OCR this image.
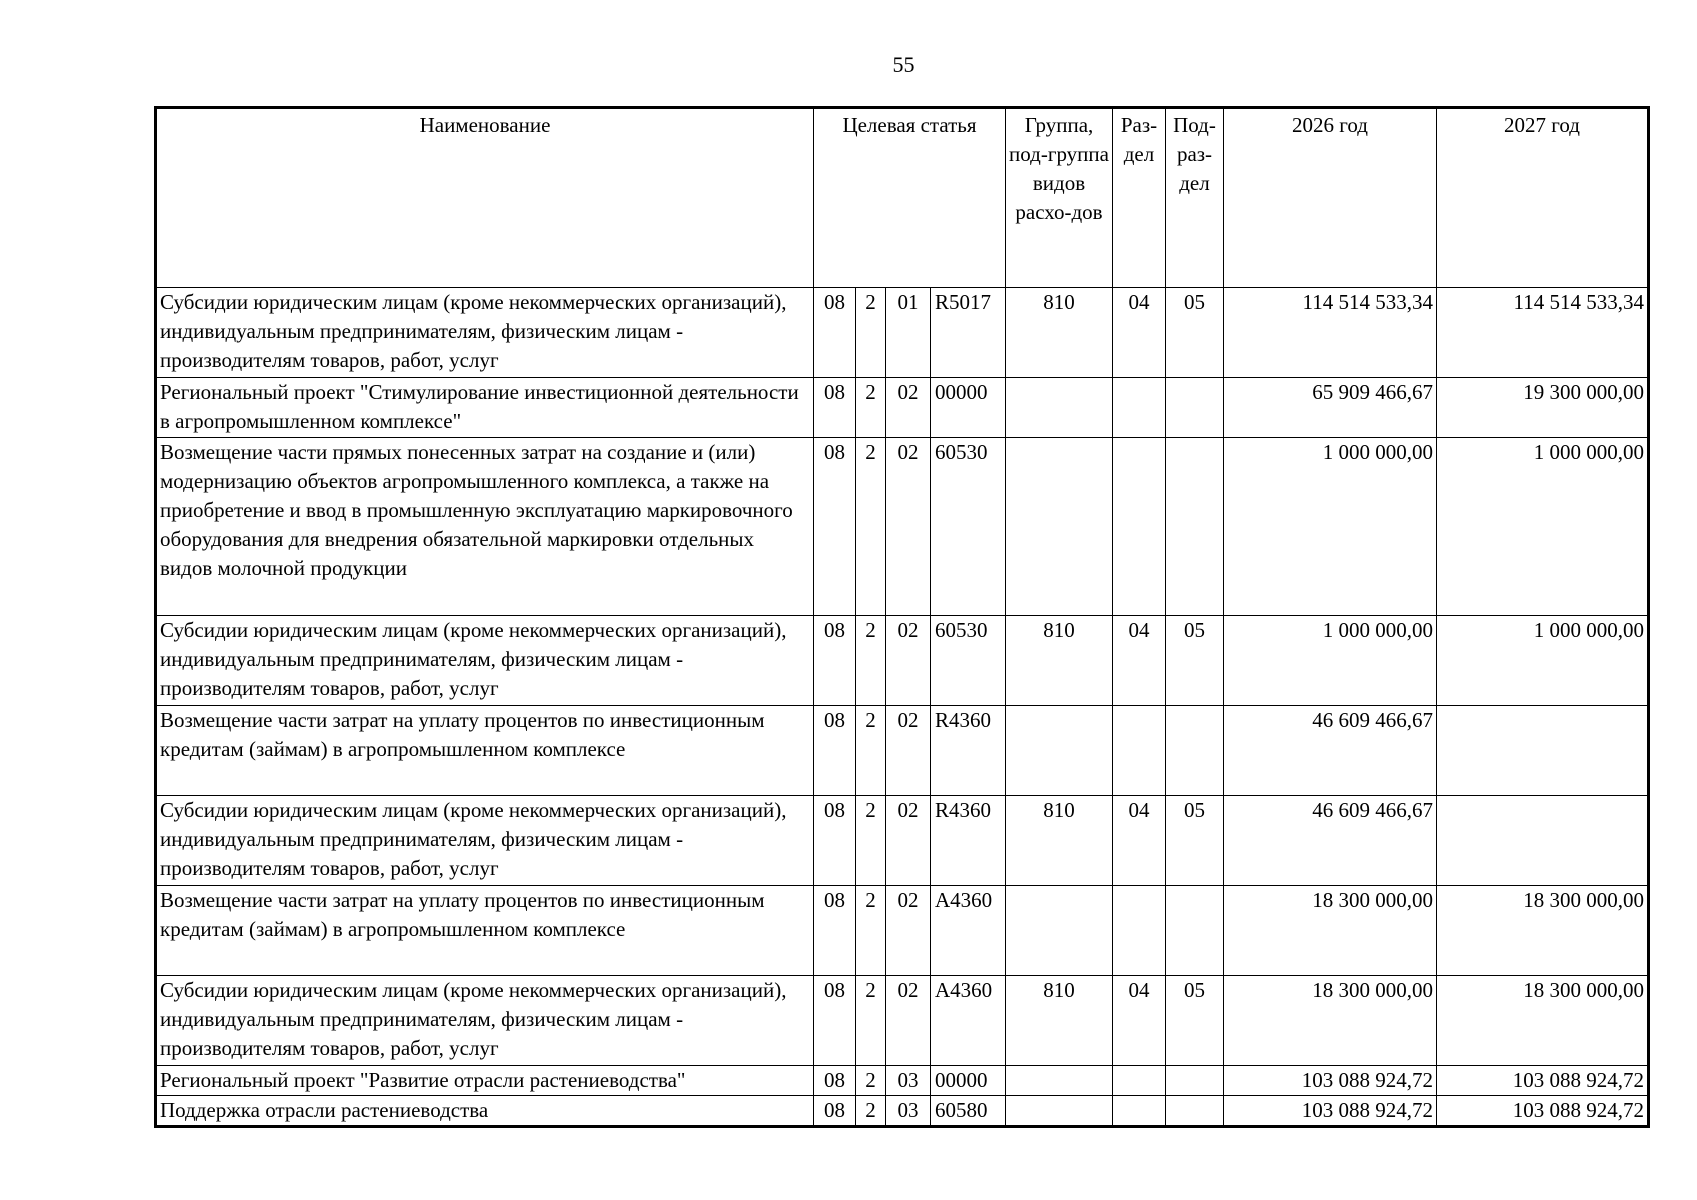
55
Наименование	Целевая статья				Группа, под-группа видов расхо-дов	Раз-дел	Под-раз-дел	2026 год	2027 год
Субсидии юридическим лицам (кроме некоммерческих организаций), индивидуальным предпринимателям, физическим лицам - производителям товаров, работ, услуг	08	2	01	R5017	810	04	05	114 514 533,34	114 514 533,34
Региональный проект "Стимулирование инвестиционной деятельности в агропромышленном комплексе"	08	2	02	00000				65 909 466,67	19 300 000,00
Возмещение части прямых понесенных затрат на создание и (или) модернизацию объектов агропромышленного комплекса, а также на приобретение и ввод в промышленную эксплуатацию маркировочного оборудования для внедрения обязательной маркировки отдельных видов молочной продукции	08	2	02	60530				1 000 000,00	1 000 000,00
Субсидии юридическим лицам (кроме некоммерческих организаций), индивидуальным предпринимателям, физическим лицам - производителям товаров, работ, услуг	08	2	02	60530	810	04	05	1 000 000,00	1 000 000,00
Возмещение части затрат на уплату процентов по инвестиционным кредитам (займам) в агропромышленном комплексе	08	2	02	R4360				46 609 466,67	
Субсидии юридическим лицам (кроме некоммерческих организаций), индивидуальным предпринимателям, физическим лицам - производителям товаров, работ, услуг	08	2	02	R4360	810	04	05	46 609 466,67	
Возмещение части затрат на уплату процентов по инвестиционным кредитам (займам) в агропромышленном комплексе	08	2	02	A4360				18 300 000,00	18 300 000,00
Субсидии юридическим лицам (кроме некоммерческих организаций), индивидуальным предпринимателям, физическим лицам - производителям товаров, работ, услуг	08	2	02	A4360	810	04	05	18 300 000,00	18 300 000,00
Региональный проект "Развитие отрасли растениеводства"	08	2	03	00000				103 088 924,72	103 088 924,72
Поддержка отрасли растениеводства	08	2	03	60580				103 088 924,72	103 088 924,72
